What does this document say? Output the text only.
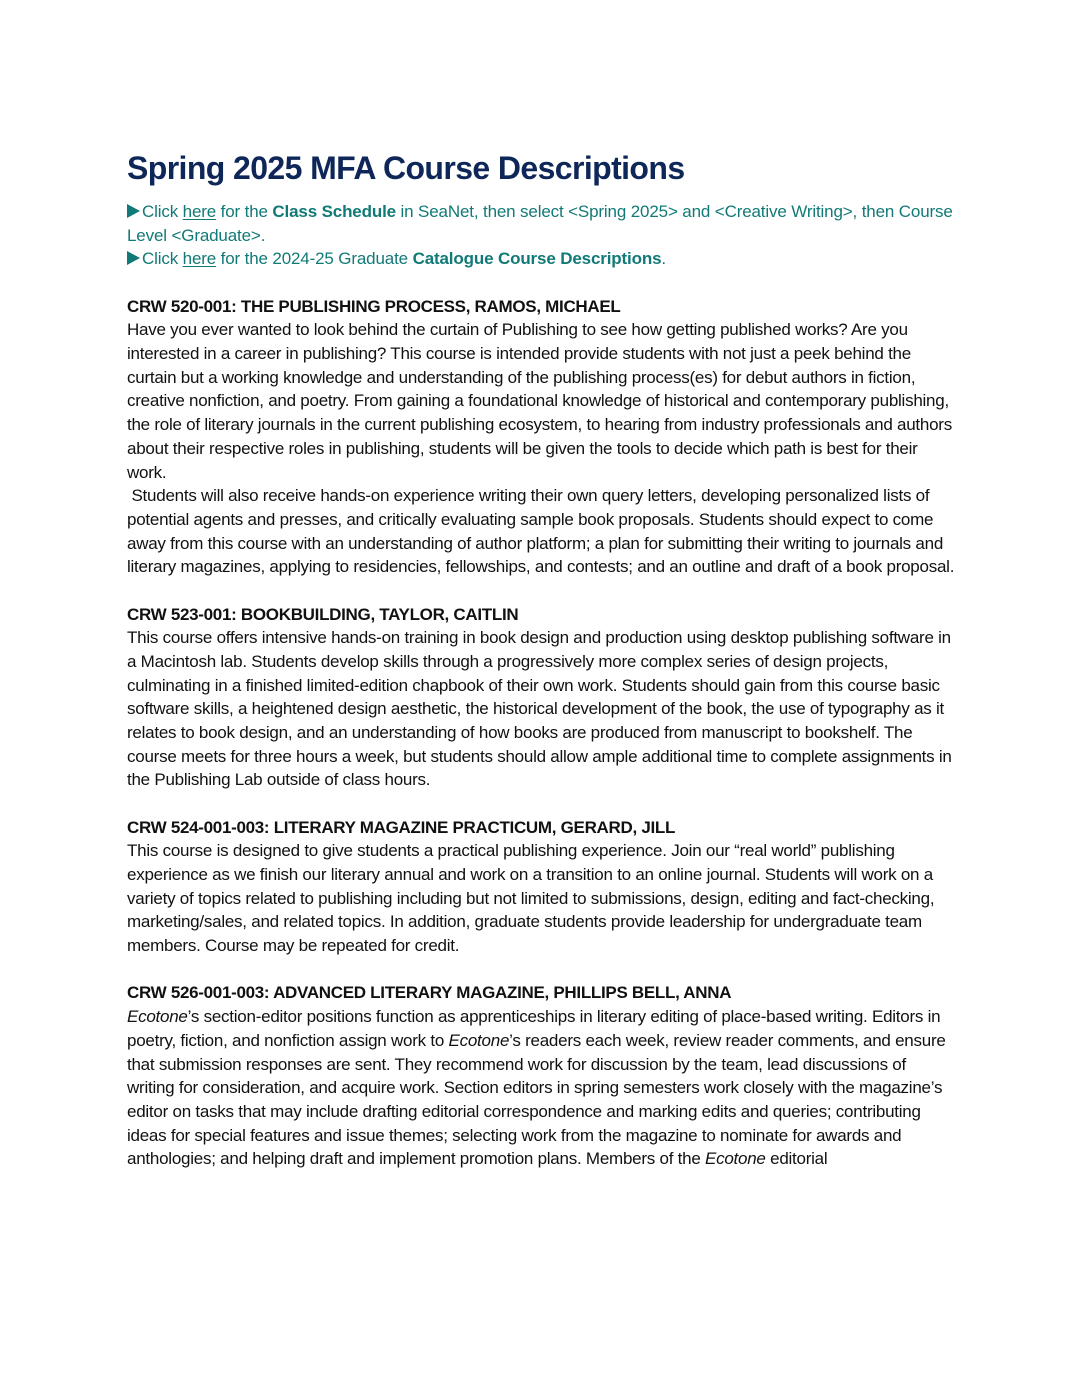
Spring 2025 MFA Course Descriptions
Click here for the Class Schedule in SeaNet, then select <Spring 2025> and <Creative Writing>, then Course Level <Graduate>.
Click here for the 2024-25 Graduate Catalogue Course Descriptions.
CRW 520-001: THE PUBLISHING PROCESS, RAMOS, MICHAEL

Have you ever wanted to look behind the curtain of Publishing to see how getting published works? Are you interested in a career in publishing? This course is intended provide students with not just a peek behind the curtain but a working knowledge and understanding of the publishing process(es) for debut authors in fiction, creative nonfiction, and poetry. From gaining a foundational knowledge of historical and contemporary publishing, the role of literary journals in the current publishing ecosystem, to hearing from industry professionals and authors about their respective roles in publishing, students will be given the tools to decide which path is best for their work.

Students will also receive hands-on experience writing their own query letters, developing personalized lists of potential agents and presses, and critically evaluating sample book proposals. Students should expect to come away from this course with an understanding of author platform; a plan for submitting their writing to journals and literary magazines, applying to residencies, fellowships, and contests; and an outline and draft of a book proposal.

CRW 523-001: BOOKBUILDING, TAYLOR, CAITLIN

This course offers intensive hands-on training in book design and production using desktop publishing software in a Macintosh lab. Students develop skills through a progressively more complex series of design projects, culminating in a finished limited-edition chapbook of their own work. Students should gain from this course basic software skills, a heightened design aesthetic, the historical development of the book, the use of typography as it relates to book design, and an understanding of how books are produced from manuscript to bookshelf. The course meets for three hours a week, but students should allow ample additional time to complete assignments in the Publishing Lab outside of class hours.

CRW 524-001-003: LITERARY MAGAZINE PRACTICUM, GERARD, JILL

This course is designed to give students a practical publishing experience. Join our “real world” publishing experience as we finish our literary annual and work on a transition to an online journal. Students will work on a variety of topics related to publishing including but not limited to submissions, design, editing and fact-checking, marketing/sales, and related topics. In addition, graduate students provide leadership for undergraduate team members. Course may be repeated for credit.

CRW 526-001-003: ADVANCED LITERARY MAGAZINE, PHILLIPS BELL, ANNA

Ecotone’s section-editor positions function as apprenticeships in literary editing of place-based writing. Editors in poetry, fiction, and nonfiction assign work to Ecotone’s readers each week, review reader comments, and ensure that submission responses are sent. They recommend work for discussion by the team, lead discussions of writing for consideration, and acquire work. Section editors in spring semesters work closely with the magazine’s editor on tasks that may include drafting editorial correspondence and marking edits and queries; contributing ideas for special features and issue themes; selecting work from the magazine to nominate for awards and anthologies; and helping draft and implement promotion plans. Members of the Ecotone editorial
